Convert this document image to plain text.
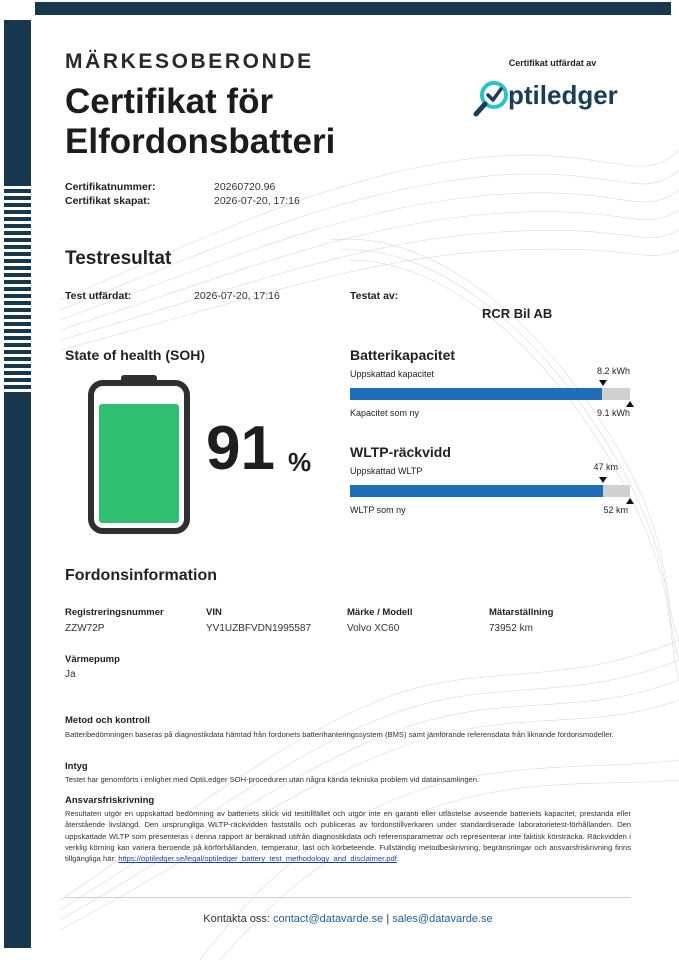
MÄRKESOBERONDE
Certifikat för
Elfordonsbatteri
Certifikat utfärdat av
ptiledger
Certifikatnummer:	20260720.96
Certifikat skapat:	2026-07-20, 17:16
Testresultat
Test utfärdat:	2026-07-20, 17:16	Testat av:
RCR Bil AB
State of health (SOH)
91 %
Batterikapacitet
Uppskattad kapacitet	8.2 kWh
Kapacitet som ny	9.1 kWh
WLTP-räckvidd
Uppskattad WLTP	47 km
WLTP som ny	52 km
Fordonsinformation
Registreringsnummer
ZZW72P
VIN
YV1UZBFVDN1995587
Märke / Modell
Volvo XC60
Mätarställning
73952 km
Värmepump
Ja
Metod och kontroll
Batteribedömningen baseras på diagnostikdata hämtad från fordonets batterihanteringssystem (BMS) samt jämförande referensdata från liknande fordonsmodeller.
Intyg
Testet har genomförts i enlighet med OptiLedger SOH-proceduren utan några kända tekniska problem vid datainsamlingen.
Ansvarsfriskrivning
Resultaten utgör en uppskattad bedömning av batteriets skick vid testtillfället och utgör inte en garanti eller utfästelse avseende batteriets kapacitet, prestanda eller återstående livslängd. Den ursprungliga WLTP-räckvidden fastställs och publiceras av fordonstillverkaren under standardiserade laboratorietest-förhållanden. Den uppskattade WLTP som presenteras i denna rapport är beräknad utifrån diagnostikdata och referensparametrar och representerar inte faktisk körsträcka. Räckvidden i verklig körning kan variera beroende på körförhållanden, temperatur, last och körbeteende. Fullständig metodbeskrivning, begränsningar och ansvarsfriskrivning finns tillgängliga här: https://optiledger.se/legal/optiledger_battery_test_methodology_and_disclaimer.pdf.
Kontakta oss: contact@datavarde.se | sales@datavarde.se
